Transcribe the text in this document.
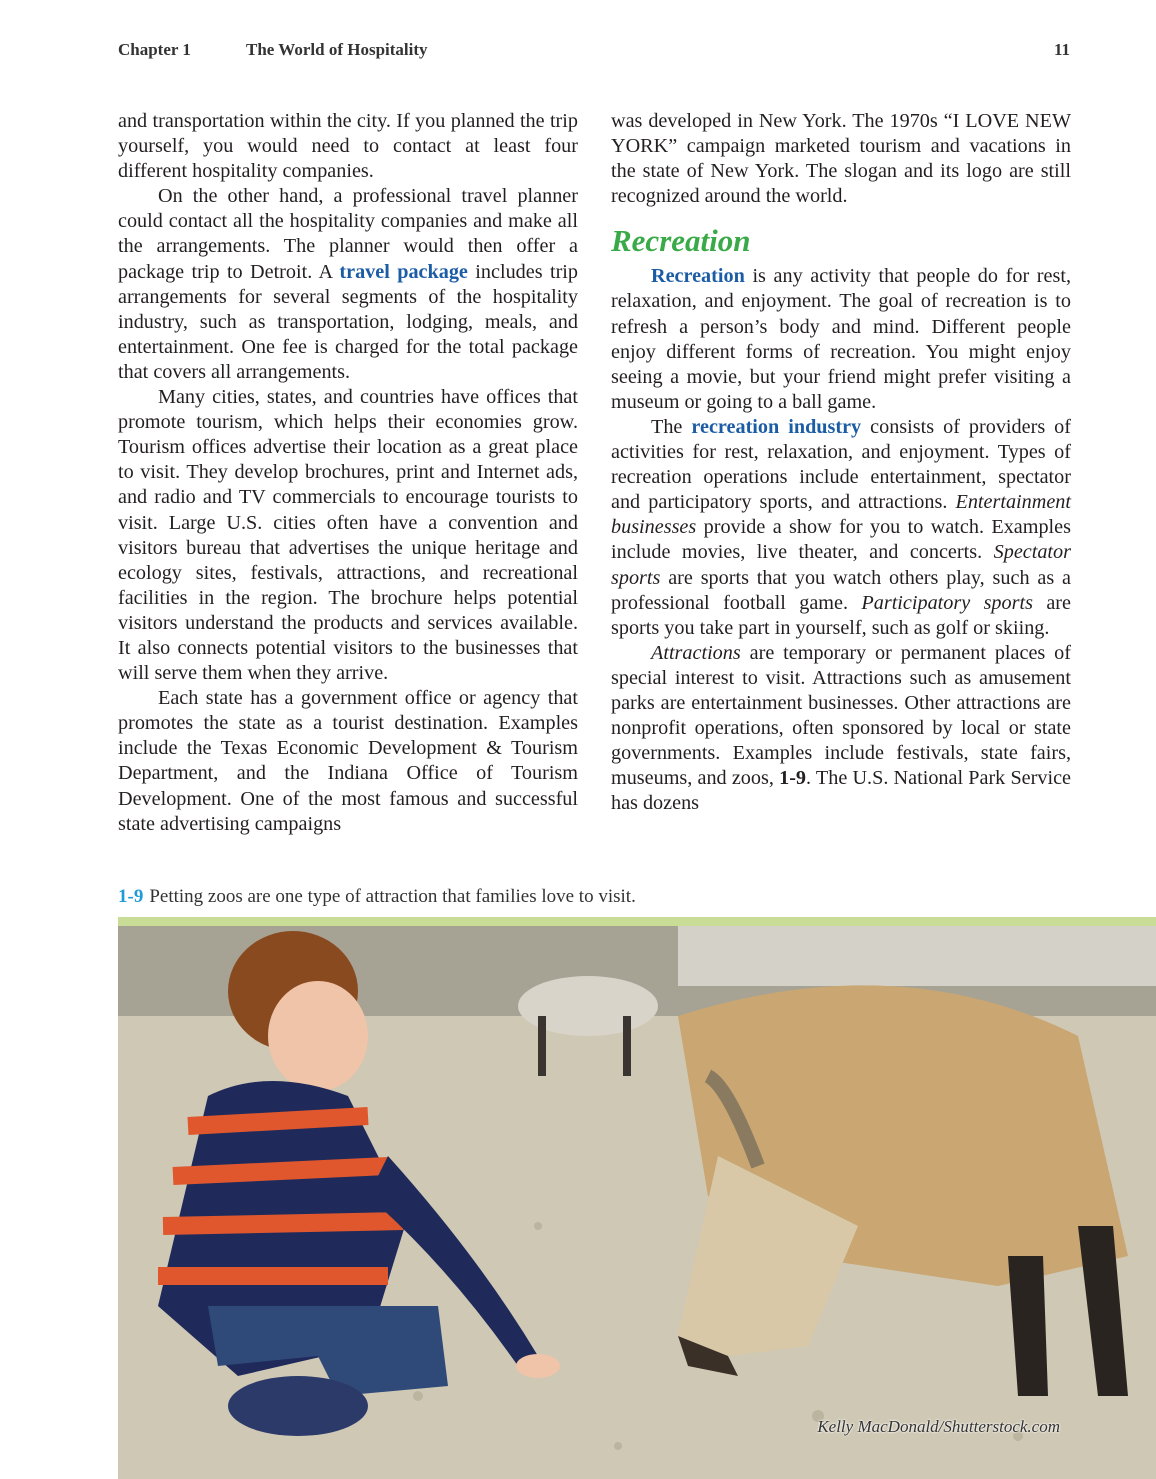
Chapter 1	The World of Hospitality	11

and transportation within the city. If you planned the trip yourself, you would need to contact at least four different hospitality companies.

On the other hand, a professional travel planner could contact all the hospitality companies and make all the arrangements. The planner would then offer a package trip to Detroit. A travel package includes trip arrangements for several segments of the hospitality industry, such as transportation, lodging, meals, and entertainment. One fee is charged for the total package that covers all arrangements.

Many cities, states, and countries have offices that promote tourism, which helps their economies grow. Tourism offices advertise their location as a great place to visit. They develop brochures, print and Internet ads, and radio and TV commercials to encourage tourists to visit. Large U.S. cities often have a convention and visitors bureau that advertises the unique heritage and ecology sites, festivals, attractions, and recreational facilities in the region. The brochure helps potential visitors understand the products and services available. It also connects potential visitors to the businesses that will serve them when they arrive.

Each state has a government office or agency that promotes the state as a tourist destination. Examples include the Texas Economic Development & Tourism Department, and the Indiana Office of Tourism Development. One of the most famous and successful state advertising campaigns

was developed in New York. The 1970s “I LOVE NEW YORK” campaign marketed tourism and vacations in the state of New York. The slogan and its logo are still recognized around the world.

Recreation

Recreation is any activity that people do for rest, relaxation, and enjoyment. The goal of recreation is to refresh a person’s body and mind. Different people enjoy different forms of recreation. You might enjoy seeing a movie, but your friend might prefer visiting a museum or going to a ball game.

The recreation industry consists of providers of activities for rest, relaxation, and enjoyment. Types of recreation operations include entertainment, spectator and participatory sports, and attractions. Entertainment businesses provide a show for you to watch. Examples include movies, live theater, and concerts. Spectator sports are sports that you watch others play, such as a professional football game. Participatory sports are sports you take part in yourself, such as golf or skiing.

Attractions are temporary or permanent places of special interest to visit. Attractions such as amusement parks are entertainment businesses. Other attractions are nonprofit operations, often sponsored by local or state governments. Examples include festivals, state fairs, museums, and zoos, 1-9. The U.S. National Park Service has dozens

1-9 Petting zoos are one type of attraction that families love to visit.
Kelly MacDonald/Shutterstock.com
